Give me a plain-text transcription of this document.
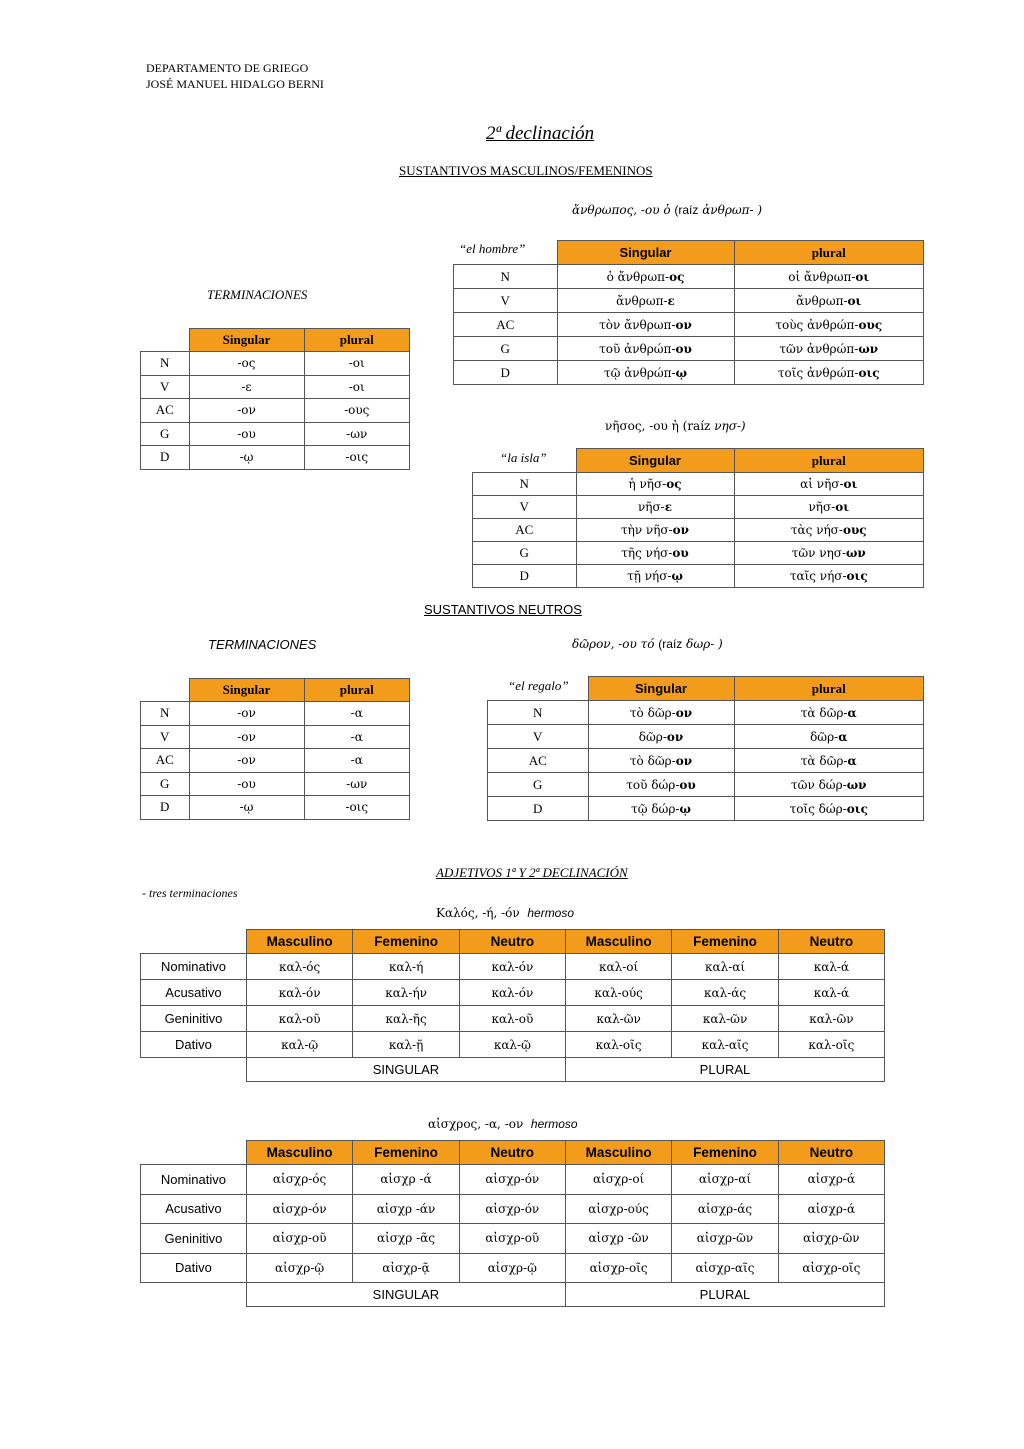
DEPARTAMENTO DE GRIEGO
JOSÉ MANUEL HIDALGO BERNI
2ª declinación
SUSTANTIVOS MASCULINOS/FEMENINOS
ἄνθρωπος, -ου ὁ (raíz ἀνθρωπ- )
“el hombre”
		Singular	plural
N	ὁ ἄνθρωπ-ος	οἱ ἄνθρωπ-οι
V	ἄνθρωπ-ε	ἄνθρωπ-οι
AC	τὸν ἄνθρωπ-ον	τοὺς ἀνθρώπ-ους
G	τοῦ ἀνθρώπ-ου	τῶν ἀνθρώπ-ων
D	τῷ ἀνθρώπ-ῳ	τοῖς ἀνθρώπ-οις
TERMINACIONES
	Singular	plural
N	-ος	-οι
V	-ε	-οι
AC	-ον	-ους
G	-ου	-ων
D	-ῳ	-οις
νῆσος, -ου ἡ (raíz νησ-)
“la isla”
		Singular	plural
N	ἡ νῆσ-ος	αἱ νῆσ-οι
V	νῆσ-ε	νῆσ-οι
AC	τὴν νῆσ-ον	τὰς νήσ-ους
G	τῆς νήσ-ου	τῶν νησ-ων
D	τῇ νήσ-ῳ	ταῖς νήσ-οις
SUSTANTIVOS NEUTROS
TERMINACIONES	δῶρον, -ου τό (raíz δωρ- )
	Singular	plural
N	-ον	-α
V	-ον	-α
AC	-ον	-α
G	-ου	-ων
D	-ῳ	-οις
“el regalo”
		Singular	plural
N	τὸ δῶρ-ον	τὰ δῶρ-α
V	δῶρ-ον	δῶρ-α
AC	τὸ δῶρ-ον	τὰ δῶρ-α
G	τοῦ δώρ-ου	τῶν δώρ-ων
D	τῷ δώρ-ῳ	τοῖς δώρ-οις
ADJETIVOS 1ª Y 2ª DECLINACIÓN
- tres terminaciones
Καλός, -ή, -όν hermoso
	Masculino	Femenino	Neutro	Masculino	Femenino	Neutro
Nominativo	καλ-ός	καλ-ή	καλ-όν	καλ-οί	καλ-αί	καλ-ά
Acusativo	καλ-όν	καλ-ήν	καλ-όν	καλ-ούς	καλ-άς	καλ-ά
Geninitivo	καλ-οῦ	καλ-ῆς	καλ-οῦ	καλ-ῶν	καλ-ῶν	καλ-ῶν
Dativo	καλ-ῷ	καλ-ῇ	καλ-ῷ	καλ-οῖς	καλ-αῖς	καλ-οῖς
	SINGULAR			PLURAL		
αἰσχρος, -α, -ον hermoso
	Masculino	Femenino	Neutro	Masculino	Femenino	Neutro
Nominativo	αἰσχρ-ός	αἰσχρ -ά	αἰσχρ-όν	αἰσχρ-οί	αἰσχρ-αί	αἰσχρ-ά
Acusativo	αἰσχρ-όν	αἰσχρ -άν	αἰσχρ-όν	αἰσχρ-ούς	αἰσχρ-άς	αἰσχρ-ά
Geninitivo	αἰσχρ-οῦ	αἰσχρ -ᾶς	αἰσχρ-οῦ	αἰσχρ -ῶν	αἰσχρ-ῶν	αἰσχρ-ῶν
Dativo	αἰσχρ-ῷ	αἰσχρ-ᾷ	αἰσχρ-ῷ	αἰσχρ-οῖς	αἰσχρ-αῖς	αἰσχρ-οῖς
	SINGULAR			PLURAL		
